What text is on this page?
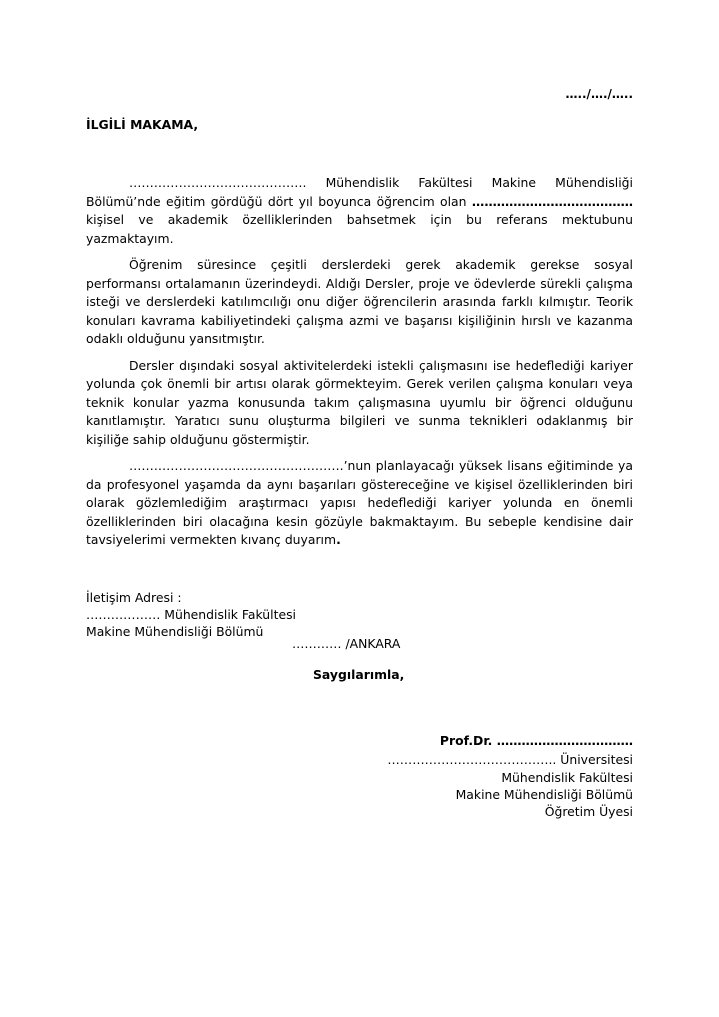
…../…./…..
İLGİLİ MAKAMA,

……………………………………. Mühendislik Fakültesi Makine Mühendisliği Bölümü’nde eğitim gördüğü dört yıl boyunca öğrencim olan ………………………………… kişisel ve akademik özelliklerinden bahsetmek için bu referans mektubunu yazmaktayım.

Öğrenim süresince çeşitli derslerdeki gerek akademik gerekse sosyal performansı ortalamanın üzerindeydi. Aldığı Dersler, proje ve ödevlerde sürekli çalışma isteği ve derslerdeki katılımcılığı onu diğer öğrencilerin arasında farklı kılmıştır. Teorik konuları kavrama kabiliyetindeki çalışma azmi ve başarısı kişiliğinin hırslı ve kazanma odaklı olduğunu yansıtmıştır.

Dersler dışındaki sosyal aktivitelerdeki istekli çalışmasını ise hedeflediği kariyer yolunda çok önemli bir artısı olarak görmekteyim. Gerek verilen çalışma konuları veya teknik konular yazma konusunda takım çalışmasına uyumlu bir öğrenci olduğunu kanıtlamıştır. Yaratıcı sunu oluşturma bilgileri ve sunma teknikleri odaklanmış bir kişiliğe sahip olduğunu göstermiştir.

…………………………………………….’nun planlayacağı yüksek lisans eğitiminde ya da profesyonel yaşamda da aynı başarıları göstereceğine ve kişisel özelliklerinden biri olarak gözlemlediğim araştırmacı yapısı hedeflediği kariyer yolunda en önemli özelliklerinden biri olacağına kesin gözüyle bakmaktayım. Bu sebeple kendisine dair tavsiyelerimi vermekten kıvanç duyarım.

İletişim Adresi :
……………… Mühendislik Fakültesi
Makine Mühendisliği Bölümü
………… /ANKARA
Saygılarımla,
Prof.Dr. ……………………………
………………………………….. Üniversitesi
Mühendislik Fakültesi
Makine Mühendisliği Bölümü
Öğretim Üyesi
